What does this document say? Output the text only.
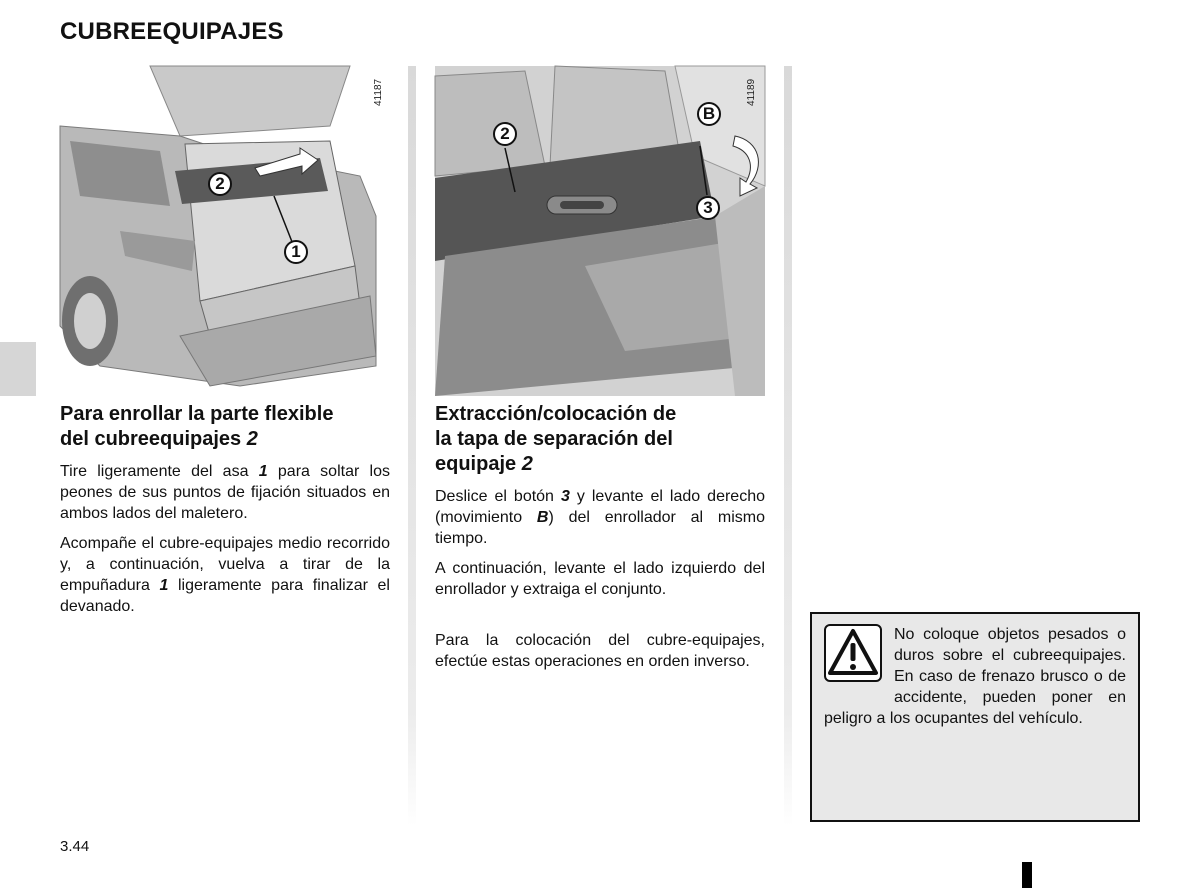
CUBREEQUIPAJES
2
1
41187
2
B
3
41189
Para enrollar la parte flexible
del cubreequipajes 2

Tire ligeramente del asa 1 para soltar los peones de sus puntos de fijación situados en ambos lados del maletero.

Acompañe el cubre-equipajes medio recorrido y, a continuación, vuelva a tirar de la empuñadura 1 ligeramente para finalizar el devanado.

Extracción/colocación de
la tapa de separación del
equipaje 2

Deslice el botón 3 y levante el lado derecho (movimiento B) del enrollador al mismo tiempo.

A continuación, levante el lado izquierdo del enrollador y extraiga el conjunto.

Para la colocación del cubre-equipajes, efectúe estas operaciones en orden inverso.

No coloque objetos pesados o duros sobre el cubreequipajes. En caso de frenazo brusco o de accidente, pueden poner en peligro a los ocupantes del vehículo.

3.44
